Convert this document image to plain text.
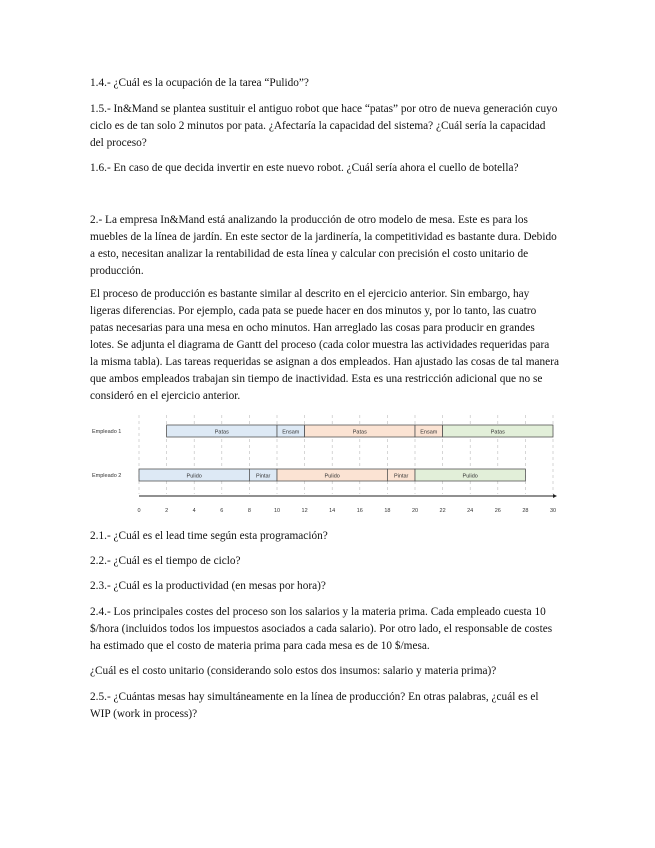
1.4.- ¿Cuál es la ocupación de la tarea “Pulido”?

1.5.- In&Mand se plantea sustituir el antiguo robot que hace “patas” por otro de nueva generación cuyo ciclo es de tan solo 2 minutos por pata. ¿Afectaría la capacidad del sistema? ¿Cuál sería la capacidad del proceso?

1.6.- En caso de que decida invertir en este nuevo robot. ¿Cuál sería ahora el cuello de botella?

2.- La empresa In&Mand está analizando la producción de otro modelo de mesa. Este es para los muebles de la línea de jardín. En este sector de la jardinería, la competitividad es bastante dura. Debido a esto, necesitan analizar la rentabilidad de esta línea y calcular con precisión el costo unitario de producción.

El proceso de producción es bastante similar al descrito en el ejercicio anterior. Sin embargo, hay ligeras diferencias. Por ejemplo, cada pata se puede hacer en dos minutos y, por lo tanto, las cuatro patas necesarias para una mesa en ocho minutos. Han arreglado las cosas para producir en grandes lotes. Se adjunta el diagrama de Gantt del proceso (cada color muestra las actividades requeridas para la misma tabla). Las tareas requeridas se asignan a dos empleados. Han ajustado las cosas de tal manera que ambos empleados trabajan sin tiempo de inactividad. Esta es una restricción adicional que no se consideró en el ejercicio anterior.

0	2	4	6	8	10	12	14	16	18	20	22	24	26	28	30
Empleado 1	Patas	Ensam	Patas	Ensam	Patas
Empleado 2	Pulido	Pintar	Pulido	Pintar	Pulido

2.1.- ¿Cuál es el lead time según esta programación?

2.2.- ¿Cuál es el tiempo de ciclo?

2.3.- ¿Cuál es la productividad (en mesas por hora)?

2.4.- Los principales costes del proceso son los salarios y la materia prima. Cada empleado cuesta 10 $/hora (incluidos todos los impuestos asociados a cada salario). Por otro lado, el responsable de costes ha estimado que el costo de materia prima para cada mesa es de 10 $/mesa.

¿Cuál es el costo unitario (considerando solo estos dos insumos: salario y materia prima)?

2.5.- ¿Cuántas mesas hay simultáneamente en la línea de producción? En otras palabras, ¿cuál es el WIP (work in process)?
